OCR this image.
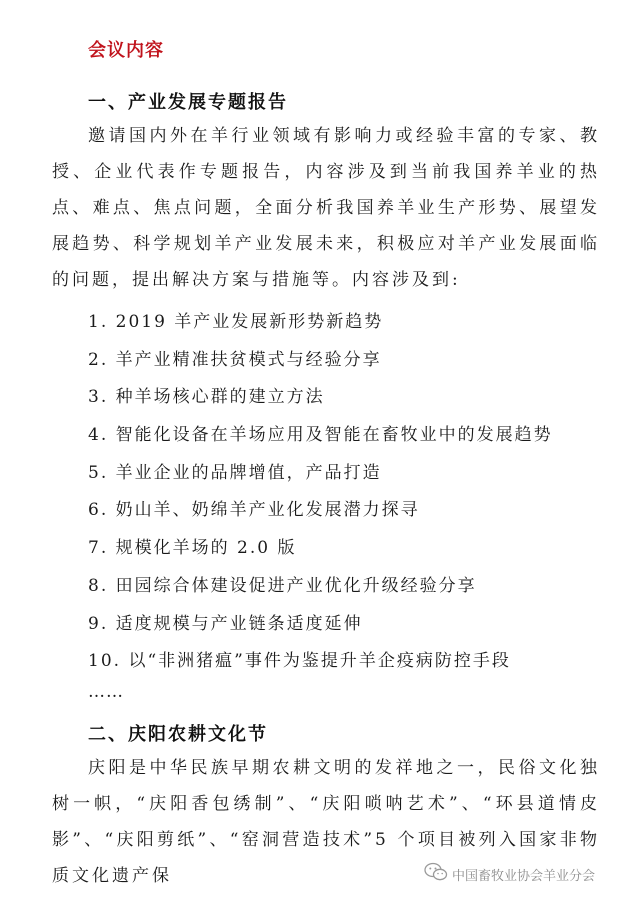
会议内容
一、产业发展专题报告

邀请国内外在羊行业领域有影响力或经验丰富的专家、教授、企业代表作专题报告，内容涉及到当前我国养羊业的热点、难点、焦点问题，全面分析我国养羊业生产形势、展望发展趋势、科学规划羊产业发展未来，积极应对羊产业发展面临的问题，提出解决方案与措施等。内容涉及到:

1. 2019 羊产业发展新形势新趋势
2. 羊产业精准扶贫模式与经验分享
3. 种羊场核心群的建立方法
4. 智能化设备在羊场应用及智能在畜牧业中的发展趋势
5. 羊业企业的品牌增值，产品打造
6. 奶山羊、奶绵羊产业化发展潜力探寻
7. 规模化羊场的 2.0 版
8. 田园综合体建设促进产业优化升级经验分享
9. 适度规模与产业链条适度延伸
10. 以“非洲猪瘟”事件为鉴提升羊企疫病防控手段
……
二、庆阳农耕文化节

庆阳是中华民族早期农耕文明的发祥地之一，民俗文化独树一帜，“庆阳香包绣制”、“庆阳唢呐艺术”、“环县道情皮影”、“庆阳剪纸”、“窑洞营造技术”5 个项目被列入国家非物质文化遗产保	中国畜牧业协会羊业分会
